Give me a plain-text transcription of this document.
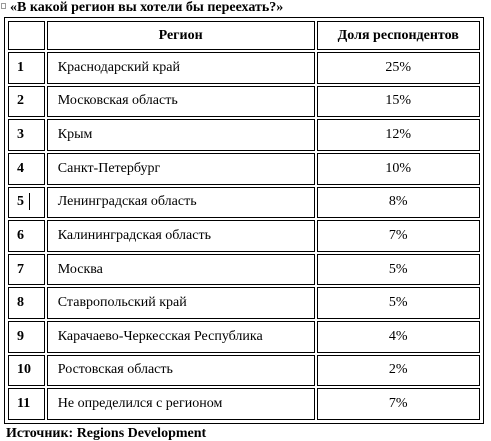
«В какой регион вы хотели бы переехать?»
	Регион	Доля респондентов
1	Краснодарский край	25%
2	Московская область	15%
3	Крым	12%
4	Санкт-Петербург	10%
5	Ленинградская область	8%
6	Калининградская область	7%
7	Москва	5%
8	Ставропольский край	5%
9	Карачаево-Черкесская Республика	4%
10	Ростовская область	2%
11	Не определился с регионом	7%
Источник: Regions Development
